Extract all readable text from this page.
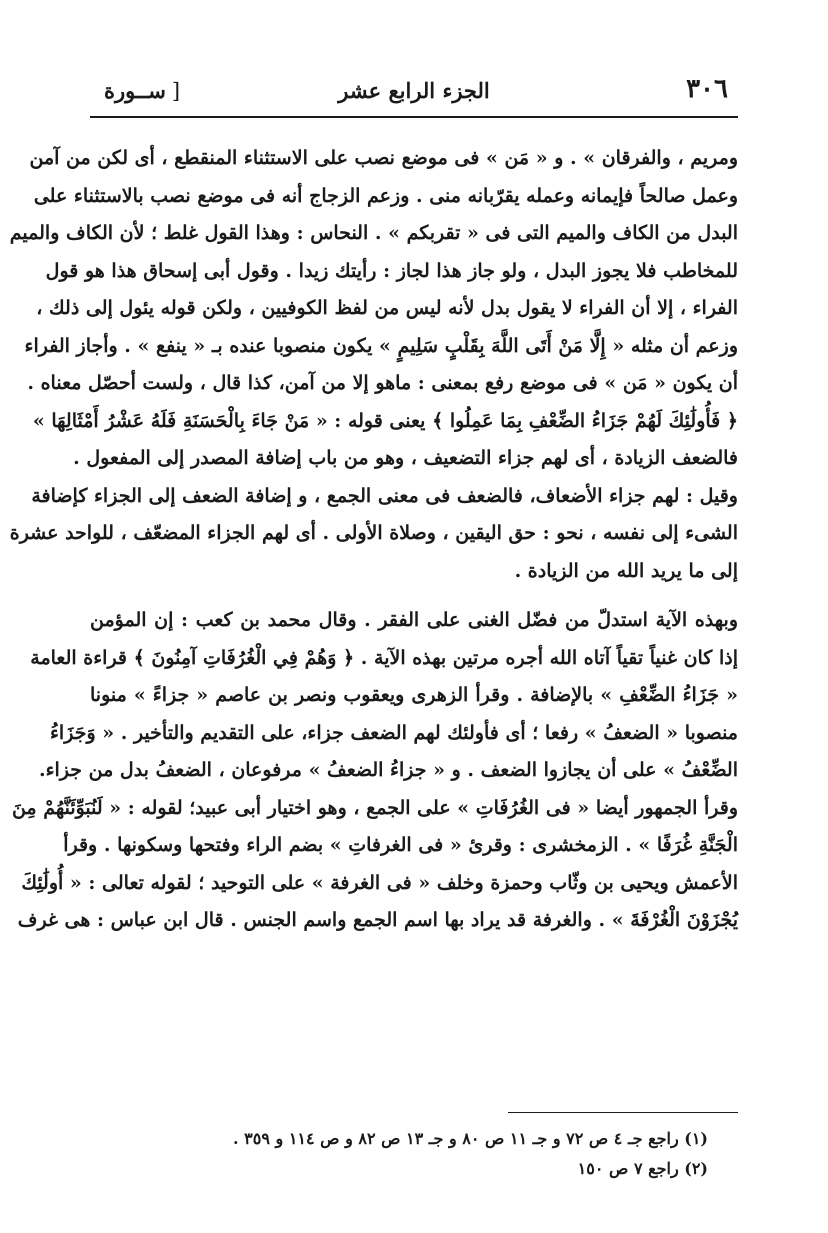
٣٠٦
الجزء الرابع عشر
[ســورة
ومريم ، والفرقان » . و « مَن » فى موضع نصب على الاستثناء المنقطع ، أى لكن من آمن
وعمل صالحاً فإيمانه وعمله يقرّبانه منى . وزعم الزجاج أنه فى موضع نصب بالاستثناء على
البدل من الكاف والميم التى فى « تقربكم » . النحاس : وهذا القول غلط ؛ لأن الكاف والميم
للمخاطب فلا يجوز البدل ، ولو جاز هذا لجاز : رأيتك زيدا . وقول أبى إسحاق هذا هو قول
الفراء ، إلا أن الفراء لا يقول بدل لأنه ليس من لفظ الكوفيين ، ولكن قوله يئول إلى ذلك ،
وزعم أن مثله « إِلَّا مَنْ أَتَى اللَّهَ بِقَلْبٍ سَلِيمٍ » يكون منصوبا عنده بـ « ينفع » . وأجاز الفراء
أن يكون « مَن » فى موضع رفع بمعنى : ماهو إلا من آمن، كذا قال ، ولست أحصّل معناه .
﴿ فَأُولَٰئِكَ لَهُمْ جَزَاءُ الضِّعْفِ بِمَا عَمِلُوا ﴾ يعنى قوله : « مَنْ جَاءَ بِالْحَسَنَةِ فَلَهُ عَشْرُ أَمْثَالِهَا »
فالضعف الزيادة ، أى لهم جزاء التضعيف ، وهو من باب إضافة المصدر إلى المفعول .
وقيل : لهم جزاء الأضعاف، فالضعف فى معنى الجمع ، و إضافة الضعف إلى الجزاء كإضافة
الشىء إلى نفسه ، نحو : حق اليقين ، وصلاة الأولى . أى لهم الجزاء المضعّف ، للواحد عشرة
إلى ما يريد الله من الزيادة .
وبهذه الآية استدلّ من فضّل الغنى على الفقر . وقال محمد بن كعب : إن المؤمن
إذا كان غنياً تقياً آتاه الله أجره مرتين بهذه الآية . ﴿ وَهُمْ فِي الْغُرُفَاتِ آمِنُونَ ﴾ قراءة العامة
« جَزَاءُ الضِّعْفِ » بالإضافة . وقرأ الزهرى ويعقوب ونصر بن عاصم « جزاءً » منونا
منصوبا « الضعفُ » رفعا ؛ أى فأولئك لهم الضعف جزاء، على التقديم والتأخير . « وَجَزَاءُ
الضِّعْفُ » على أن يجازوا الضعف . و « جزاءُ الضعفُ » مرفوعان ، الضعفُ بدل من جزاء.
وقرأ الجمهور أيضا « فى الغُرُفَاتِ » على الجمع ، وهو اختيار أبى عبيد؛ لقوله : « لَنُبَوِّئَنَّهُمْ مِنَ
الْجَنَّةِ غُرَفًا » . الزمخشرى : وقرئ « فى الغرفاتِ » بضم الراء وفتحها وسكونها . وقرأ
الأعمش ويحيى بن وثّاب وحمزة وخلف « فى الغرفة » على التوحيد ؛ لقوله تعالى : « أُولَٰئِكَ
يُجْزَوْنَ الْغُرْفَةَ » . والغرفة قد يراد بها اسم الجمع واسم الجنس . قال ابن عباس : هى غرف
(١) راجع جـ ٤ ص ٧٢ و جـ ١١ ص ٨٠ و جـ ١٣ ص ٨٢ و ص ١١٤ و ٣٥٩ .
(٢) راجع ٧ ص ١٥٠
